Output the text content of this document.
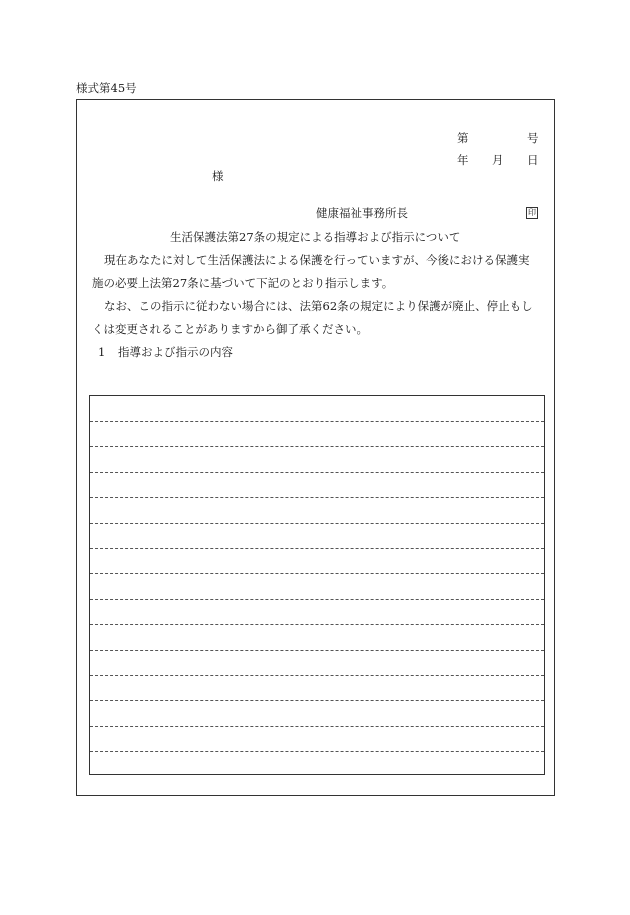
様式第45号
第	号
年 月 日
様
健康福祉事務所長	印
生活保護法第27条の規定による指導および指示について
現在あなたに対して生活保護法による保護を行っていますが、今後における保護実
施の必要上法第27条に基づいて下記のとおり指示します。
なお、この指示に従わない場合には、法第62条の規定により保護が廃止、停止もし
くは変更されることがありますから御了承ください。
1 指導および指示の内容
